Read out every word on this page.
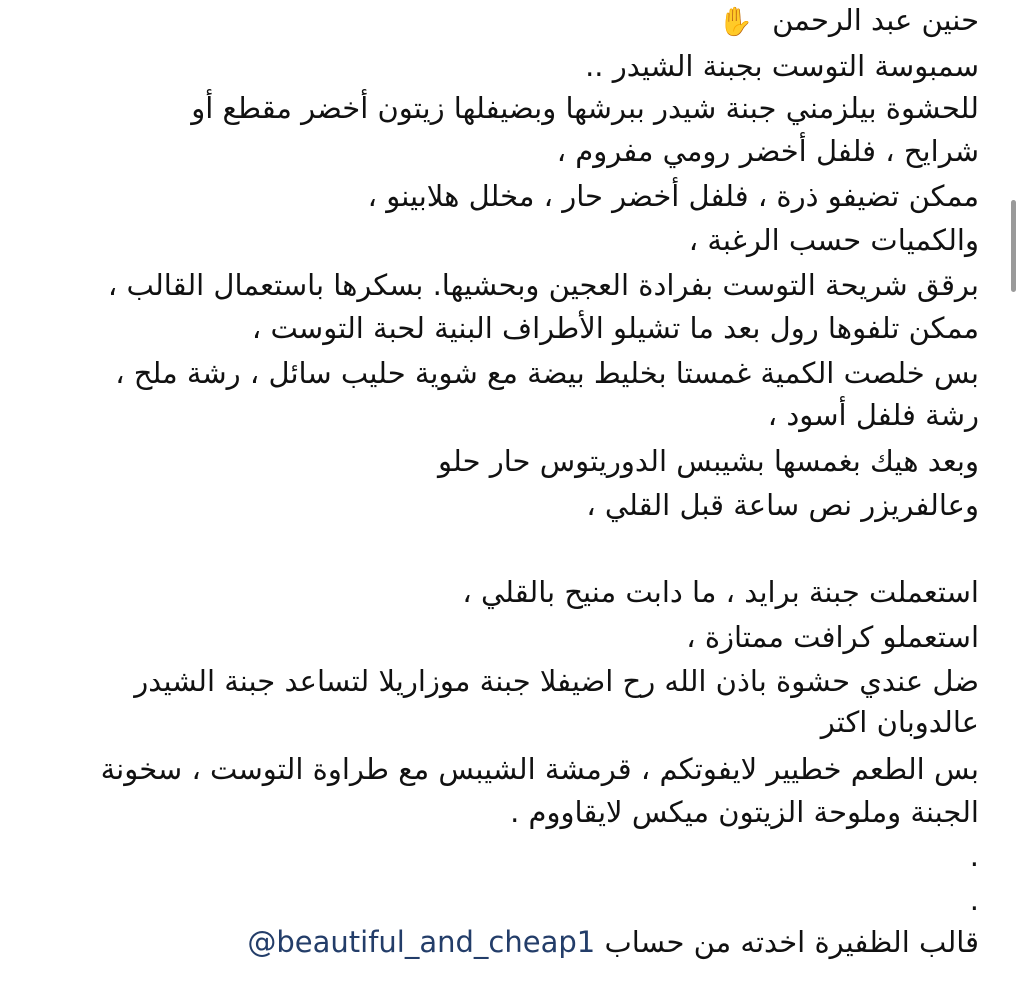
حنين عبد الرحمن ✋
سمبوسة التوست بجبنة الشيدر ..
للحشوة بيلزمني جبنة شيدر ببرشها وبضيفلها زيتون أخضر مقطع أو
شرايح ، فلفل أخضر رومي مفروم ،
ممكن تضيفو ذرة ، فلفل أخضر حار ، مخلل هلابينو ،
والكميات حسب الرغبة ،
برقق شريحة التوست بفرادة العجين وبحشيها. بسكرها باستعمال القالب ،
ممكن تلفوها رول بعد ما تشيلو الأطراف البنية لحبة التوست ،
بس خلصت الكمية غمستا بخليط بيضة مع شوية حليب سائل ، رشة ملح ،
رشة فلفل أسود ،
وبعد هيك بغمسها بشيبس الدوريتوس حار حلو
وعالفريزر نص ساعة قبل القلي ،
استعملت جبنة برايد ، ما دابت منيح بالقلي ،
استعملو كرافت ممتازة ،
ضل عندي حشوة باذن الله رح اضيفلا جبنة موزاريلا لتساعد جبنة الشيدر
عالدوبان اكتر
بس الطعم خطيير لايفوتكم ، قرمشة الشيبس مع طراوة التوست ، سخونة
الجبنة وملوحة الزيتون ميكس لايقاووم .
.
.
قالب الظفيرة اخدته من حساب @beautiful_and_cheap1
